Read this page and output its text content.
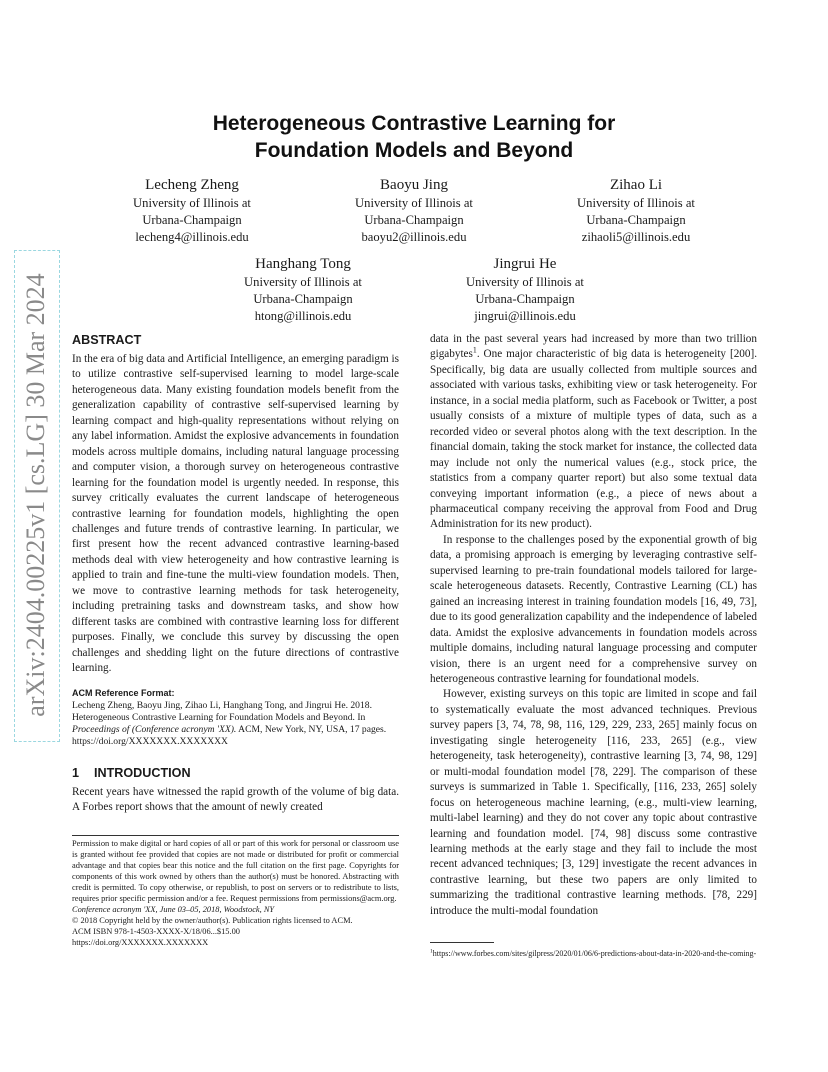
Heterogeneous Contrastive Learning for
Foundation Models and Beyond
Lecheng Zheng
University of Illinois at
Urbana-Champaign
lecheng4@illinois.edu
Baoyu Jing
University of Illinois at
Urbana-Champaign
baoyu2@illinois.edu
Zihao Li
University of Illinois at
Urbana-Champaign
zihaoli5@illinois.edu
Hanghang Tong
University of Illinois at
Urbana-Champaign
htong@illinois.edu
Jingrui He
University of Illinois at
Urbana-Champaign
jingrui@illinois.edu
arXiv:2404.00225v1 [cs.LG] 30 Mar 2024 ABSTRACT

In the era of big data and Artificial Intelligence, an emerging paradigm is to utilize contrastive self-supervised learning to model large-scale heterogeneous data. Many existing foundation models benefit from the generalization capability of contrastive self-supervised learning by learning compact and high-quality representations without relying on any label information. Amidst the explosive advancements in foundation models across multiple domains, including natural language processing and computer vision, a thorough survey on heterogeneous contrastive learning for the foundation model is urgently needed. In response, this survey critically evaluates the current landscape of heterogeneous contrastive learning for foundation models, highlighting the open challenges and future trends of contrastive learning. In particular, we first present how the recent advanced contrastive learning-based methods deal with view heterogeneity and how contrastive learning is applied to train and fine-tune the multi-view foundation models. Then, we move to contrastive learning methods for task heterogeneity, including pretraining tasks and downstream tasks, and show how different tasks are combined with contrastive learning loss for different purposes. Finally, we conclude this survey by discussing the open challenges and shedding light on the future directions of contrastive learning.

ACM Reference Format:
Lecheng Zheng, Baoyu Jing, Zihao Li, Hanghang Tong, and Jingrui He. 2018. Heterogeneous Contrastive Learning for Foundation Models and Beyond. In Proceedings of (Conference acronym 'XX). ACM, New York, NY, USA, 17 pages. https://doi.org/XXXXXXX.XXXXXXX
1 INTRODUCTION

Recent years have witnessed the rapid growth of the volume of big data. A Forbes report shows that the amount of newly created

data in the past several years had increased by more than two trillion gigabytes$^1$. One major characteristic of big data is heterogeneity [200]. Specifically, big data are usually collected from multiple sources and associated with various tasks, exhibiting view or task heterogeneity. For instance, in a social media platform, such as Facebook or Twitter, a post usually consists of a mixture of multiple types of data, such as a recorded video or several photos along with the text description. In the financial domain, taking the stock market for instance, the collected data may include not only the numerical values (e.g., stock price, the statistics from a company quarter report) but also some textual data conveying important information (e.g., a piece of news about a pharmaceutical company receiving the approval from Food and Drug Administration for its new product).

In response to the challenges posed by the exponential growth of big data, a promising approach is emerging by leveraging contrastive self-supervised learning to pre-train foundational models tailored for large-scale heterogeneous datasets. Recently, Contrastive Learning (CL) has gained an increasing interest in training foundation models [16, 49, 73], due to its good generalization capability and the independence of labeled data. Amidst the explosive advancements in foundation models across multiple domains, including natural language processing and computer vision, there is an urgent need for a comprehensive survey on heterogeneous contrastive learning for foundational models.

However, existing surveys on this topic are limited in scope and fail to systematically evaluate the most advanced techniques. Previous survey papers [3, 74, 78, 98, 116, 129, 229, 233, 265] mainly focus on investigating single heterogeneity [116, 233, 265] (e.g., view heterogeneity, task heterogeneity), contrastive learning [3, 74, 98, 129] or multi-modal foundation model [78, 229]. The comparison of these surveys is summarized in Table 1. Specifically, [116, 233, 265] solely focus on heterogeneous machine learning, (e.g., multi-view learning, multi-label learning) and they do not cover any topic about contrastive learning and foundation model. [74, 98] discuss some contrastive learning methods at the early stage and they fail to include the most recent advanced techniques; [3, 129] investigate the recent advances in contrastive learning, but these two papers are only limited to summarizing the traditional contrastive learning methods. [78, 229] introduce the multi-modal foundation

Permission to make digital or hard copies of all or part of this work for personal or classroom use is granted without fee provided that copies are not made or distributed for profit or commercial advantage and that copies bear this notice and the full citation on the first page. Copyrights for components of this work owned by others than the author(s) must be honored. Abstracting with credit is permitted. To copy otherwise, or republish, to post on servers or to redistribute to lists, requires prior specific permission and/or a fee. Request permissions from permissions@acm.org.

Conference acronym 'XX, June 03–05, 2018, Woodstock, NY

© 2018 Copyright held by the owner/author(s). Publication rights licensed to ACM.

ACM ISBN 978-1-4503-XXXX-X/18/06...$15.00

https://doi.org/XXXXXXX.XXXXXXX

$^1$https://www.forbes.com/sites/gilpress/2020/01/06/6-predictions-about-data-in-2020-and-the-coming-
